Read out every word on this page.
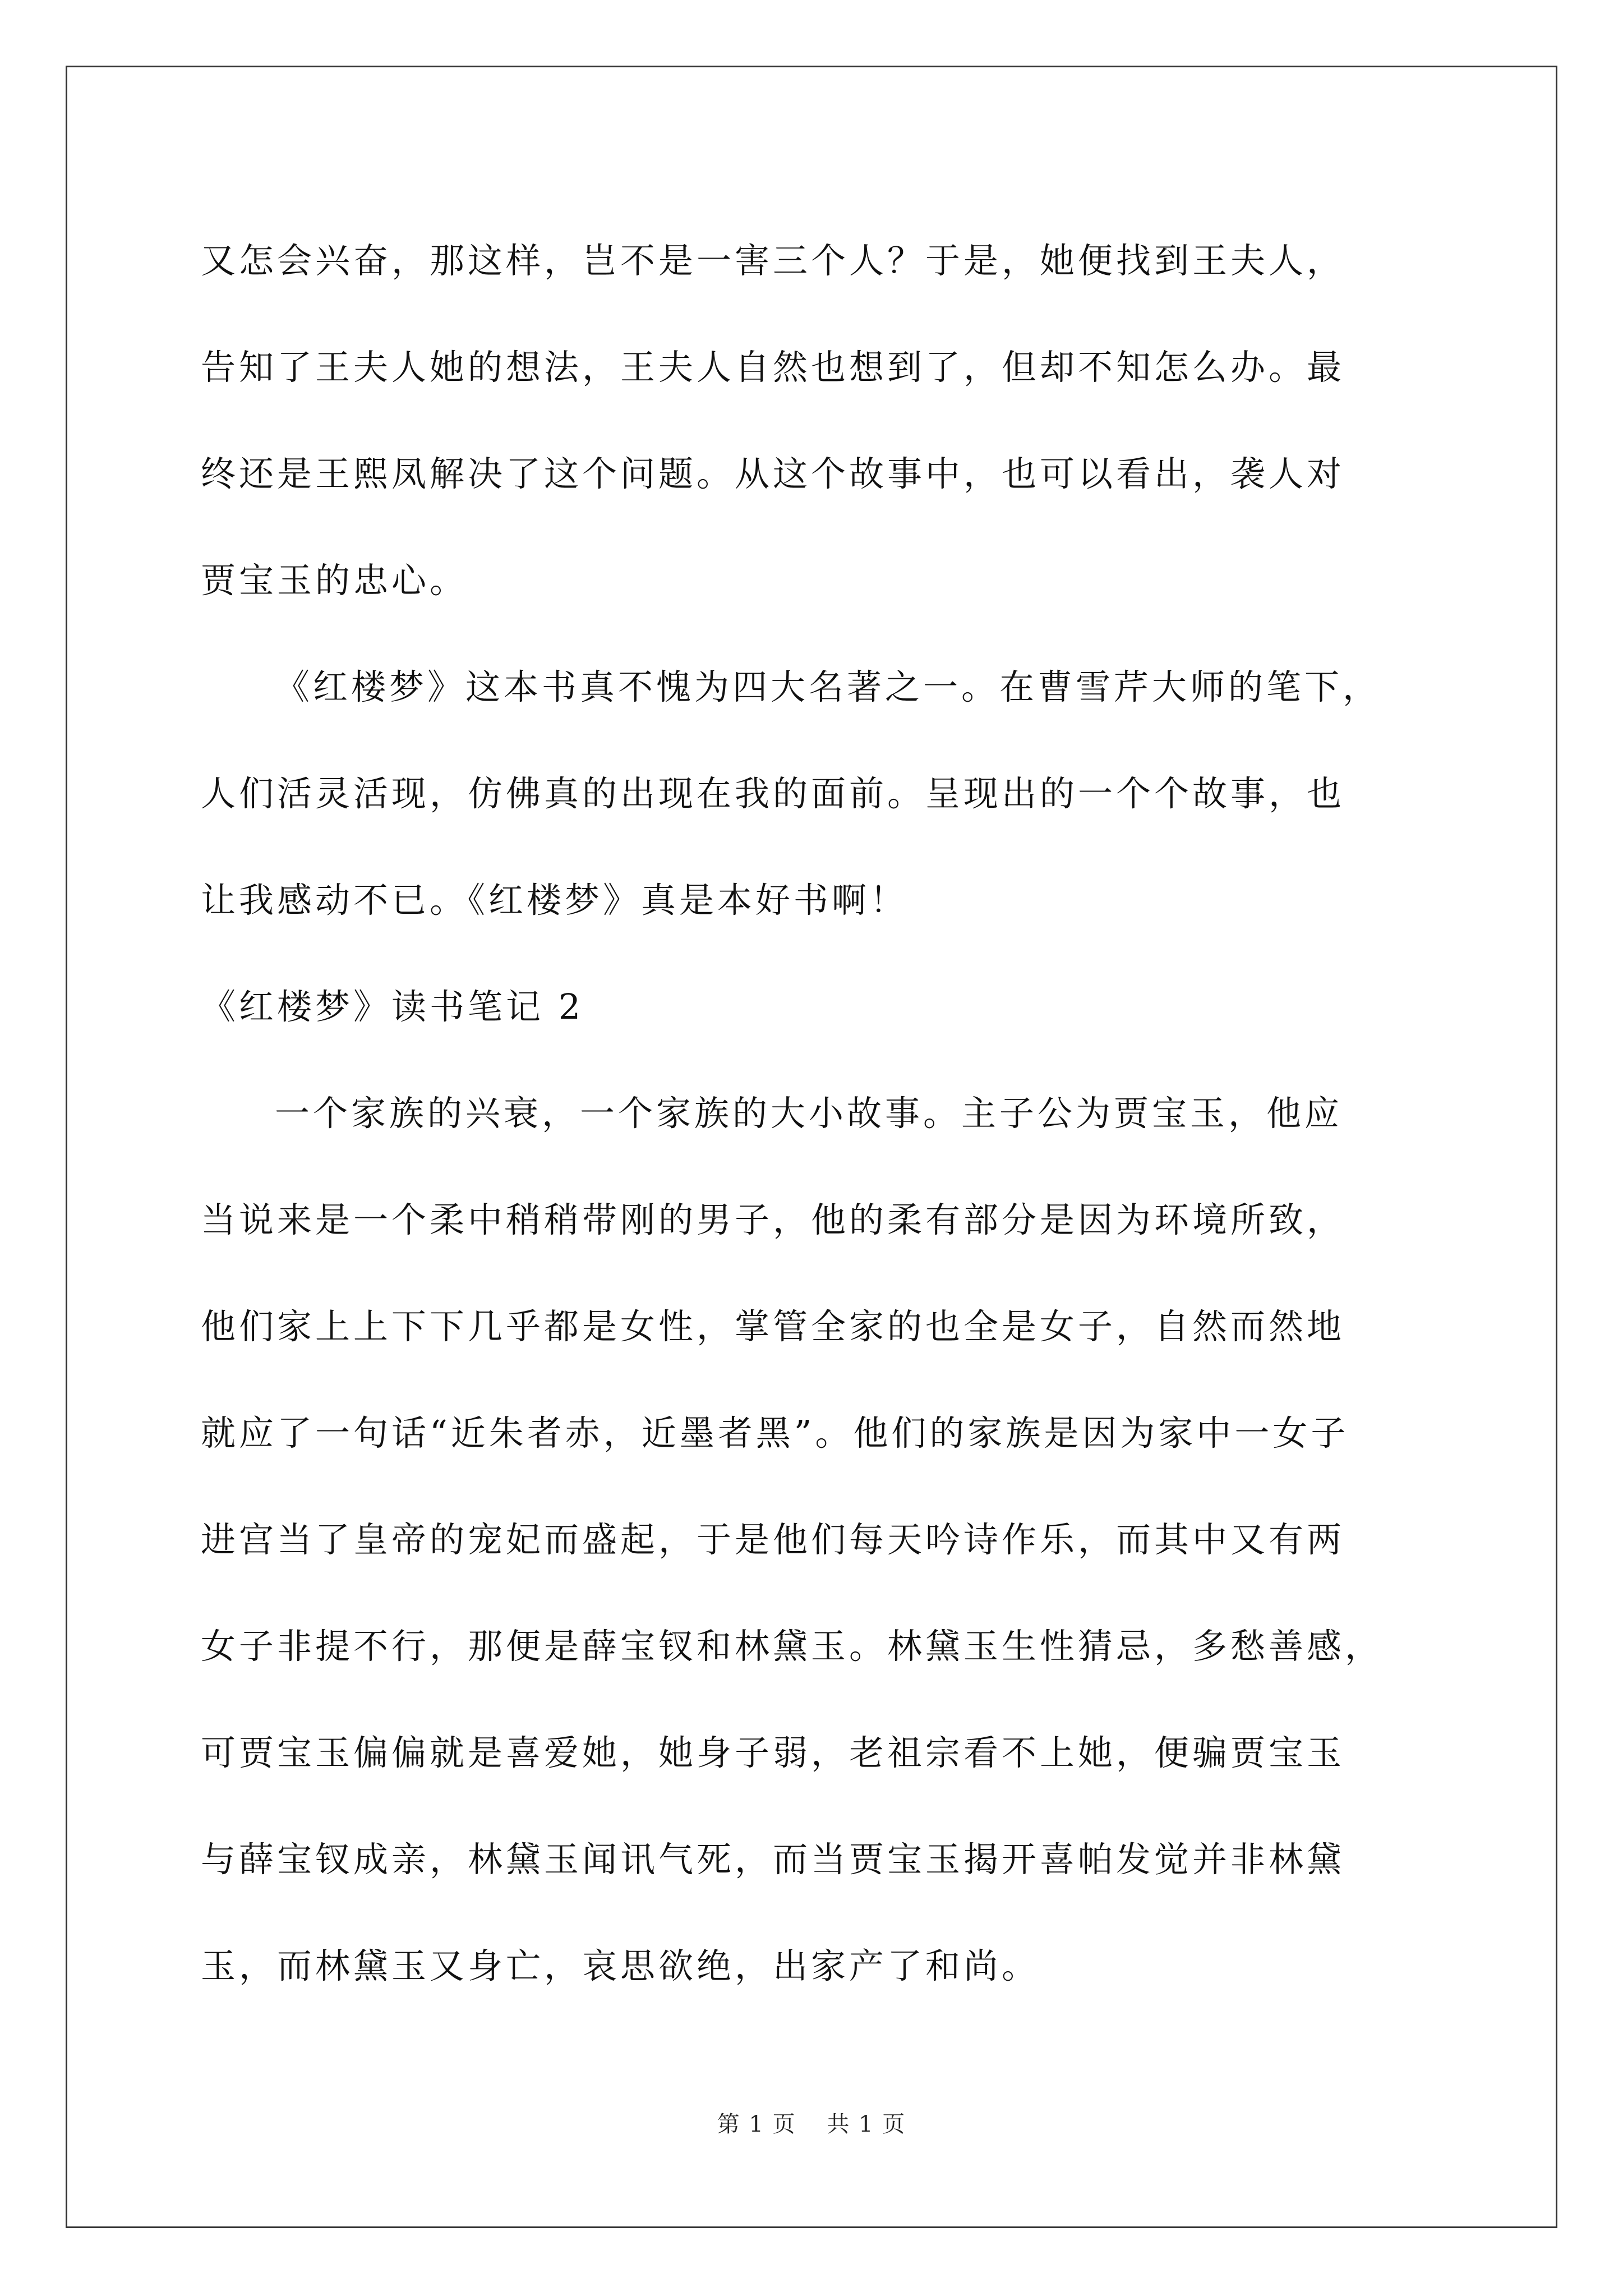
又怎会兴奋，那这样，岂不是一害三个人？于是，她便找到王夫人，
告知了王夫人她的想法，王夫人自然也想到了，但却不知怎么办。最
终还是王熙凤解决了这个问题。从这个故事中，也可以看出，袭人对
贾宝玉的忠心。
《红楼梦》这本书真不愧为四大名著之一。在曹雪芹大师的笔下，
人们活灵活现，仿佛真的出现在我的面前。呈现出的一个个故事，也
让我感动不已。《红楼梦》真是本好书啊！
《红楼梦》读书笔记 2
一个家族的兴衰，一个家族的大小故事。主子公为贾宝玉，他应
当说来是一个柔中稍稍带刚的男子，他的柔有部分是因为环境所致，
他们家上上下下几乎都是女性，掌管全家的也全是女子，自然而然地
就应了一句话“近朱者赤，近墨者黑”。他们的家族是因为家中一女子
进宫当了皇帝的宠妃而盛起，于是他们每天吟诗作乐，而其中又有两
女子非提不行，那便是薛宝钗和林黛玉。林黛玉生性猜忌，多愁善感，
可贾宝玉偏偏就是喜爱她，她身子弱，老祖宗看不上她，便骗贾宝玉
与薛宝钗成亲，林黛玉闻讯气死，而当贾宝玉揭开喜帕发觉并非林黛
玉，而林黛玉又身亡，哀思欲绝，出家产了和尚。
第 1 页 共 1 页
